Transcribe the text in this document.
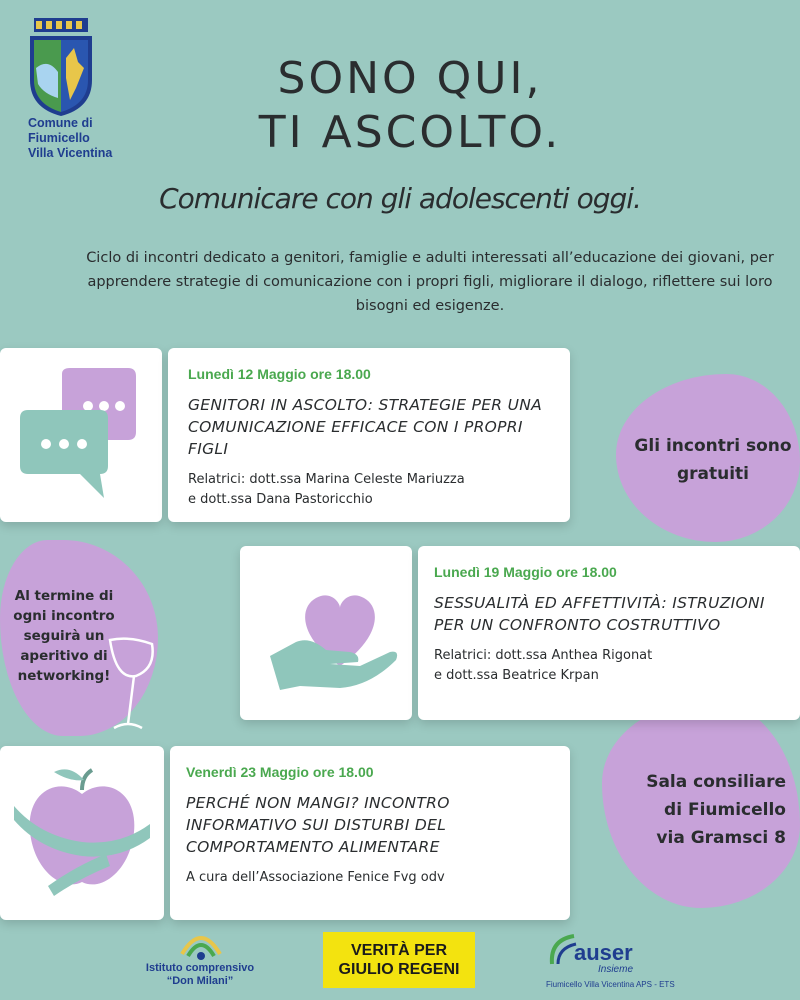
Comune di
Fiumicello
Villa Vicentina
SONO QUI,
TI ASCOLTO.
Comunicare con gli adolescenti oggi.
Ciclo di incontri dedicato a genitori, famiglie e adulti interessati all’educazione dei giovani, per apprendere strategie di comunicazione con i propri figli, migliorare il dialogo, riflettere sui loro bisogni ed esigenze.
Lunedì 12 Maggio ore 18.00
GENITORI IN ASCOLTO: STRATEGIE PER UNA COMUNICAZIONE EFFICACE CON I PROPRI FIGLI
Relatrici: dott.ssa Marina Celeste Mariuzza
e dott.ssa Dana Pastoricchio
Lunedì 19 Maggio ore 18.00
SESSUALITÀ ED AFFETTIVITÀ: ISTRUZIONI PER UN CONFRONTO COSTRUTTIVO
Relatrici: dott.ssa Anthea Rigonat
e dott.ssa Beatrice Krpan
Venerdì 23 Maggio ore 18.00
PERCHÉ NON MANGI? INCONTRO INFORMATIVO SUI DISTURBI DEL COMPORTAMENTO ALIMENTARE
A cura dell’Associazione Fenice Fvg odv
Gli incontri sono gratuiti
Al termine di ogni incontro seguirà un aperitivo di networking!
Sala consiliare
di Fiumicello
via Gramsci 8
Istituto comprensivo
“Don Milani”
VERITÀ PER
GIULIO REGENI
auser
Insieme
Fiumicello Villa Vicentina APS - ETS
